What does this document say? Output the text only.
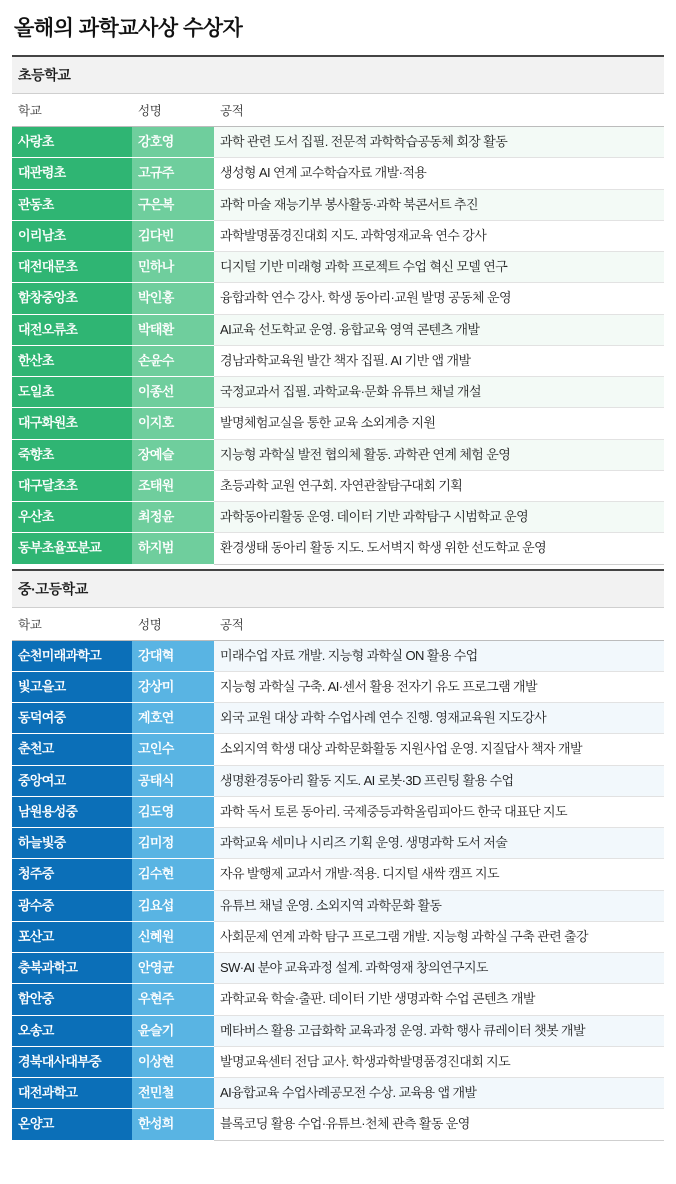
올해의 과학교사상 수상자
초등학교
학교	성명	공적
사랑초	강호영	과학 관련 도서 집필. 전문적 과학학습공동체 회장 활동
대관령초	고규주	생성형 AI 연계 교수학습자료 개발·적용
관동초	구은복	과학 마술 재능기부 봉사활동·과학 북콘서트 추진
이리남초	김다빈	과학발명품경진대회 지도. 과학영재교육 연수 강사
대전대문초	민하나	디지털 기반 미래형 과학 프로젝트 수업 혁신 모델 연구
함창중앙초	박인홍	융합과학 연수 강사. 학생 동아리·교원 발명 공동체 운영
대전오류초	박태환	AI교육 선도학교 운영. 융합교육 영역 콘텐츠 개발
한산초	손윤수	경남과학교육원 발간 책자 집필. AI 기반 앱 개발
도일초	이종선	국정교과서 집필. 과학교육·문화 유튜브 채널 개설
대구화원초	이지호	발명체험교실을 통한 교육 소외계층 지원
죽향초	장예슬	지능형 과학실 발전 협의체 활동. 과학관 연계 체험 운영
대구달초초	조태원	초등과학 교원 연구회. 자연관찰탐구대회 기획
우산초	최정윤	과학동아리활동 운영. 데이터 기반 과학탐구 시범학교 운영
동부초율포분교	하지범	환경생태 동아리 활동 지도. 도서벽지 학생 위한 선도학교 운영
중·고등학교
학교	성명	공적
순천미래과학고	강대혁	미래수업 자료 개발. 지능형 과학실 ON 활용 수업
빛고을고	강상미	지능형 과학실 구축. AI·센서 활용 전자기 유도 프로그램 개발
동덕여중	계호연	외국 교원 대상 과학 수업사례 연수 진행. 영재교육원 지도강사
춘천고	고인수	소외지역 학생 대상 과학문화활동 지원사업 운영. 지질답사 책자 개발
중앙여고	공태식	생명환경동아리 활동 지도. AI 로봇·3D 프린팅 활용 수업
남원용성중	김도영	과학 독서 토론 동아리. 국제중등과학올림피아드 한국 대표단 지도
하늘빛중	김미정	과학교육 세미나 시리즈 기획 운영. 생명과학 도서 저술
청주중	김수현	자유 발행제 교과서 개발·적용. 디지털 새싹 캠프 지도
광수중	김요섭	유튜브 채널 운영. 소외지역 과학문화 활동
포산고	신혜원	사회문제 연계 과학 탐구 프로그램 개발. 지능형 과학실 구축 관련 출강
충북과학고	안영균	SW·AI 분야 교육과정 설계. 과학영재 창의연구지도
함안중	우현주	과학교육 학술·출판. 데이터 기반 생명과학 수업 콘텐츠 개발
오송고	윤슬기	메타버스 활용 고급화학 교육과정 운영. 과학 행사 큐레이터 챗봇 개발
경북대사대부중	이상현	발명교육센터 전담 교사. 학생과학발명품경진대회 지도
대전과학고	전민철	AI융합교육 수업사례공모전 수상. 교육용 앱 개발
온양고	한성희	블록코딩 활용 수업·유튜브·천체 관측 활동 운영
